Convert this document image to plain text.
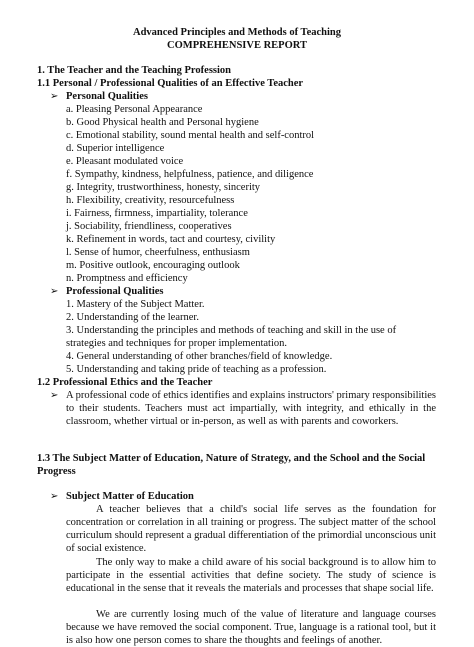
Advanced Principles and Methods of Teaching
COMPREHENSIVE REPORT
1. The Teacher and the Teaching Profession
1.1 Personal / Professional Qualities of an Effective Teacher
➢ Personal Qualities
a. Pleasing Personal Appearance
b. Good Physical health and Personal hygiene
c. Emotional stability, sound mental health and self-control
d. Superior intelligence
e. Pleasant modulated voice
f. Sympathy, kindness, helpfulness, patience, and diligence
g. Integrity, trustworthiness, honesty, sincerity
h. Flexibility, creativity, resourcefulness
i. Fairness, firmness, impartiality, tolerance
j. Sociability, friendliness, cooperatives
k. Refinement in words, tact and courtesy, civility
l. Sense of humor, cheerfulness, enthusiasm
m. Positive outlook, encouraging outlook
n. Promptness and efficiency
➢ Professional Qualities
1. Mastery of the Subject Matter.
2. Understanding of the learner.
3. Understanding the principles and methods of teaching and skill in the use of
strategies and techniques for proper implementation.
4. General understanding of other branches/field of knowledge.
5. Understanding and taking pride of teaching as a profession.
1.2 Professional Ethics and the Teacher
➢ A professional code of ethics identifies and explains instructors' primary responsibilities to their students. Teachers must act impartially, with integrity, and ethically in the classroom, whether virtual or in-person, as well as with parents and coworkers.
1.3 The Subject Matter of Education, Nature of Strategy, and the School and the Social Progress
➢ Subject Matter of Education
A teacher believes that a child's social life serves as the foundation for concentration or correlation in all training or progress. The subject matter of the school curriculum should represent a gradual differentiation of the primordial unconscious unit of social existence.
The only way to make a child aware of his social background is to allow him to participate in the essential activities that define society. The study of science is educational in the sense that it reveals the materials and processes that shape social life.
We are currently losing much of the value of literature and language courses because we have removed the social component. True, language is a rational tool, but it is also how one person comes to share the thoughts and feelings of another.
